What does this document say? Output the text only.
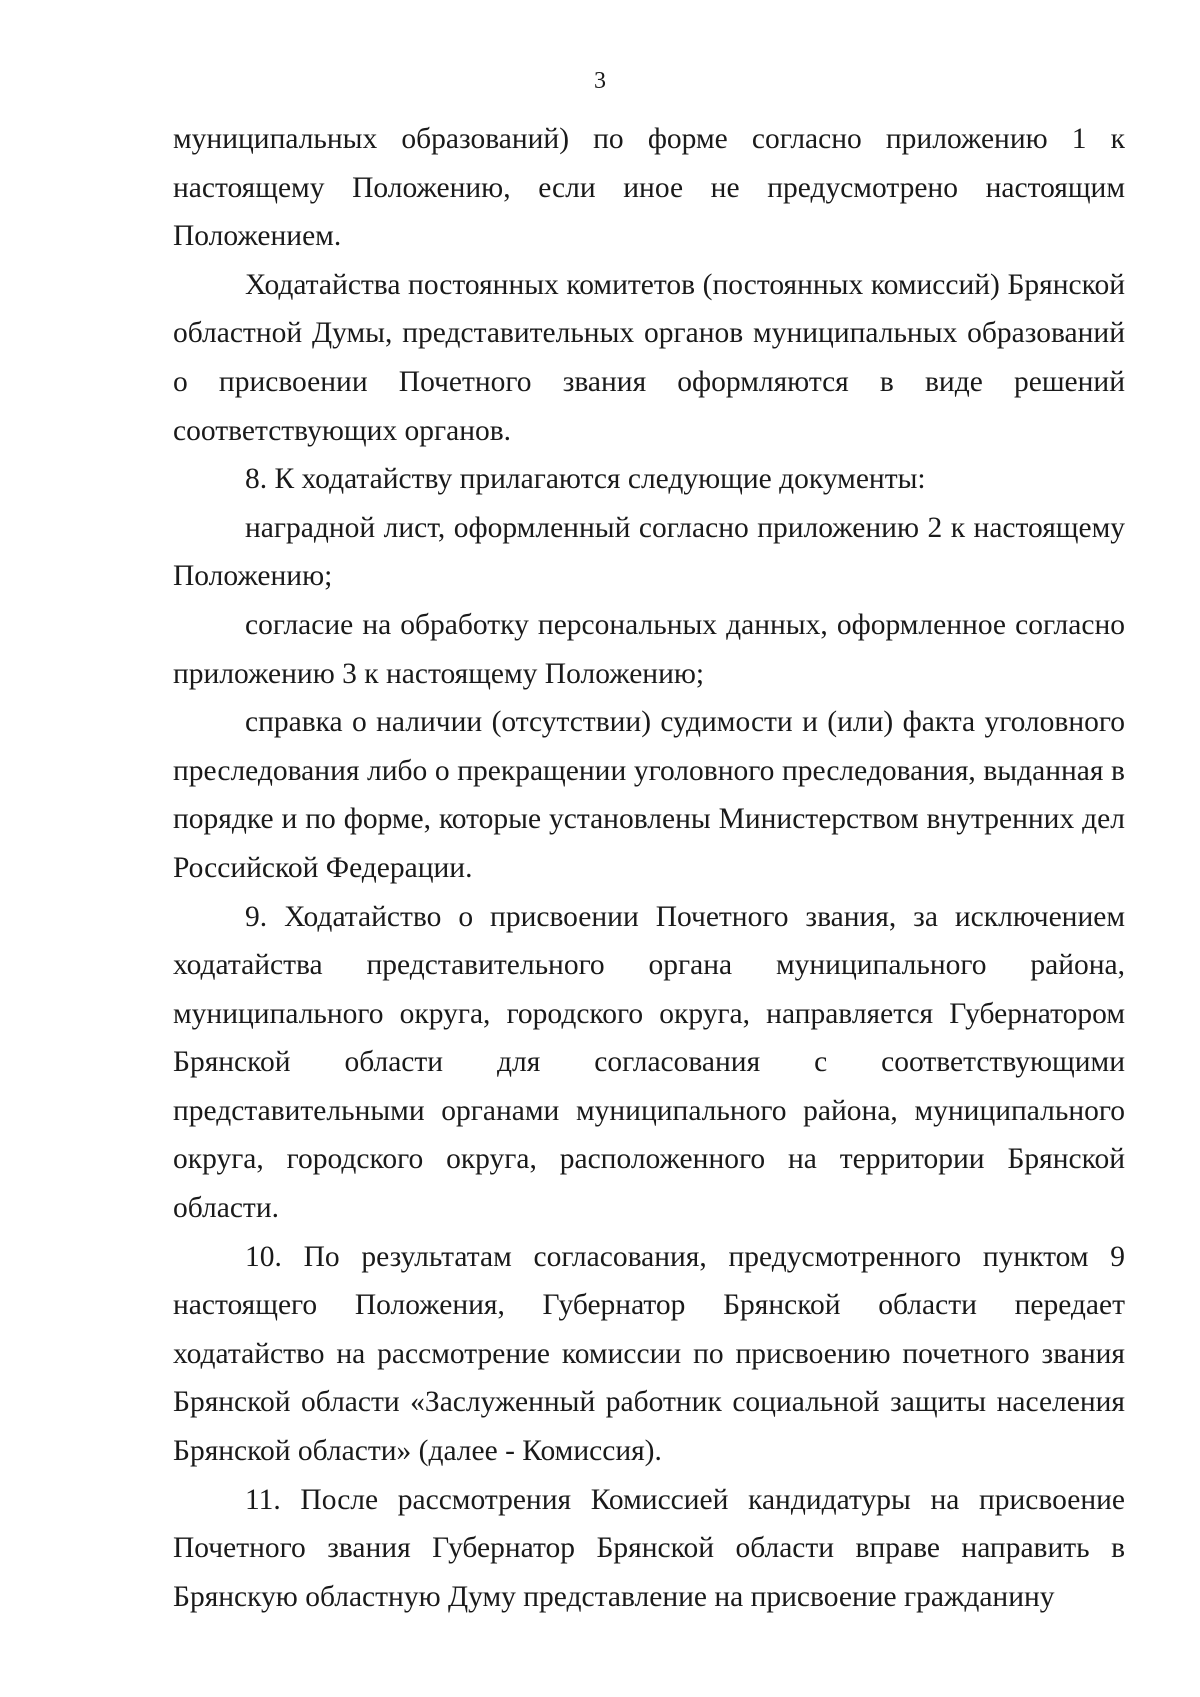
3

муниципальных образований) по форме согласно приложению 1 к настоящему Положению, если иное не предусмотрено настоящим Положением.

Ходатайства постоянных комитетов (постоянных комиссий) Брянской областной Думы, представительных органов муниципальных образований о присвоении Почетного звания оформляются в виде решений соответствующих органов.

8. К ходатайству прилагаются следующие документы:

наградной лист, оформленный согласно приложению 2 к настоящему Положению;

согласие на обработку персональных данных, оформленное согласно приложению 3 к настоящему Положению;

справка о наличии (отсутствии) судимости и (или) факта уголовного преследования либо о прекращении уголовного преследования, выданная в порядке и по форме, которые установлены Министерством внутренних дел Российской Федерации.

9. Ходатайство о присвоении Почетного звания, за исключением ходатайства представительного органа муниципального района, муниципального округа, городского округа, направляется Губернатором Брянской области для согласования с соответствующими представительными органами муниципального района, муниципального округа, городского округа, расположенного на территории Брянской области.

10. По результатам согласования, предусмотренного пунктом 9 настоящего Положения, Губернатор Брянской области передает ходатайство на рассмотрение комиссии по присвоению почетного звания Брянской области «Заслуженный работник социальной защиты населения Брянской области» (далее - Комиссия).

11. После рассмотрения Комиссией кандидатуры на присвоение Почетного звания Губернатор Брянской области вправе направить в Брянскую областную Думу представление на присвоение гражданину
